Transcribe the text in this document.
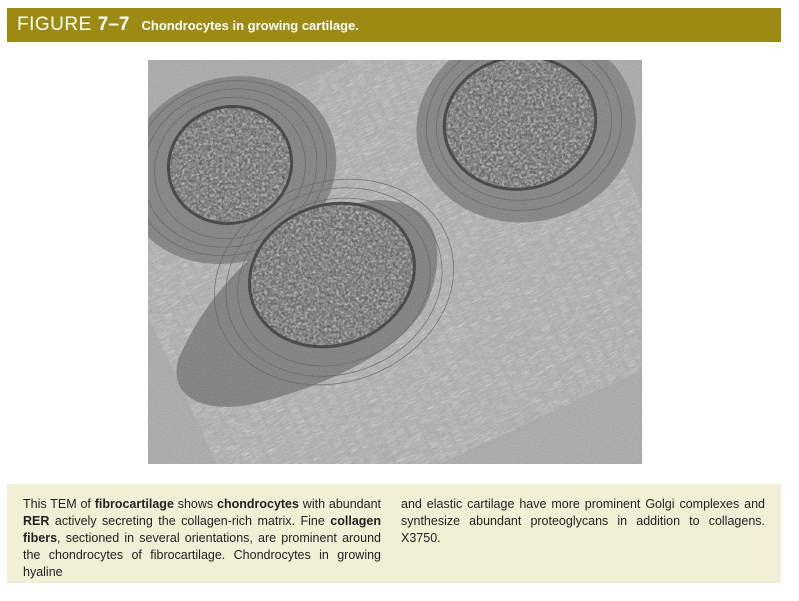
FIGURE 7–7 Chondrocytes in growing cartilage.
This TEM of fibrocartilage shows chondrocytes with abundant RER actively secreting the collagen-rich matrix. Fine collagen fibers, sectioned in several orientations, are prominent around the chondrocytes of fibrocartilage. Chondrocytes in growing hyaline
and elastic cartilage have more prominent Golgi complexes and synthesize abundant proteoglycans in addition to collagens. X3750.
